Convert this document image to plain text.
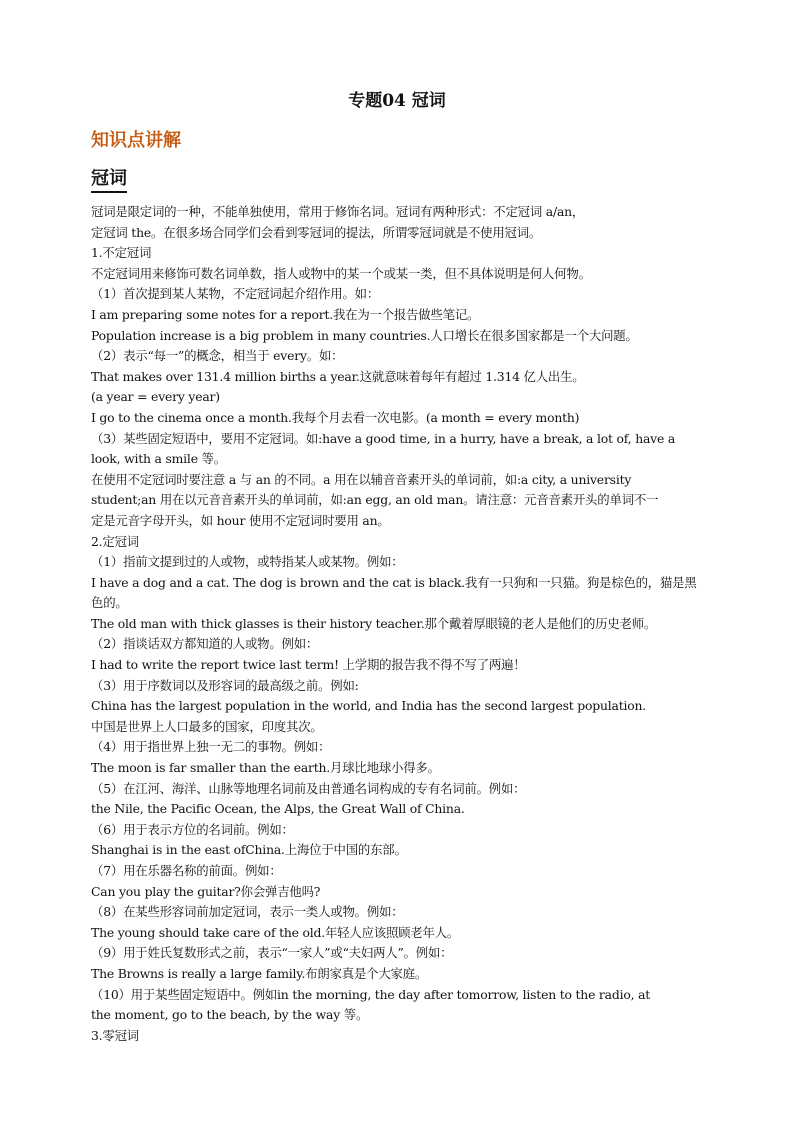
专题04 冠词
知识点讲解
冠词

冠词是限定词的一种，不能单独使用，常用于修饰名词。冠词有两种形式：不定冠词 a/an，

定冠词 the。在很多场合同学们会看到零冠词的提法，所谓零冠词就是不使用冠词。

1.不定冠词

不定冠词用来修饰可数名词单数，指人或物中的某一个或某一类，但不具体说明是何人何物。

（1）首次提到某人某物，不定冠词起介绍作用。如：

I am preparing some notes for a report.我在为一个报告做些笔记。

Population increase is a big problem in many countries.人口增长在很多国家都是一个大问题。

（2）表示“每一”的概念，相当于 every。如：

That makes over 131.4 million births a year.这就意味着每年有超过 1.314 亿人出生。

(a year = every year)

I go to the cinema once a month.我每个月去看一次电影。(a month = every month)

（3）某些固定短语中，要用不定冠词。如:have a good time, in a hurry, have a break, a lot of, have a

look, with a smile 等。

在使用不定冠词时要注意 a 与 an 的不同。a 用在以辅音音素开头的单词前，如:a city, a university

student;an 用在以元音音素开头的单词前，如:an egg, an old man。请注意：元音音素开头的单词不一

定是元音字母开头，如 hour 使用不定冠词时要用 an。

2.定冠词

（1）指前文提到过的人或物，或特指某人或某物。例如：

I have a dog and a cat. The dog is brown and the cat is black.我有一只狗和一只猫。狗是棕色的，猫是黑

色的。

The old man with thick glasses is their history teacher.那个戴着厚眼镜的老人是他们的历史老师。

（2）指谈话双方都知道的人或物。例如：

I had to write the report twice last term! 上学期的报告我不得不写了两遍！

（3）用于序数词以及形容词的最高级之前。例如:

China has the largest population in the world, and India has the second largest population.

中国是世界上人口最多的国家，印度其次。

（4）用于指世界上独一无二的事物。例如：

The moon is far smaller than the earth.月球比地球小得多。

（5）在江河、海洋、山脉等地理名词前及由普通名词构成的专有名词前。例如：

the Nile, the Pacific Ocean, the Alps, the Great Wall of China.

（6）用于表示方位的名词前。例如：

Shanghai is in the east ofChina.上海位于中国的东部。

（7）用在乐器名称的前面。例如：

Can you play the guitar?你会弹吉他吗?

（8）在某些形容词前加定冠词，表示一类人或物。例如：

The young should take care of the old.年轻人应该照顾老年人。

（9）用于姓氏复数形式之前，表示“一家人”或“夫妇两人”。例如：

The Browns is really a large family.布朗家真是个大家庭。

（10）用于某些固定短语中。例如in the morning, the day after tomorrow, listen to the radio, at

the moment, go to the beach, by the way 等。

3.零冠词
